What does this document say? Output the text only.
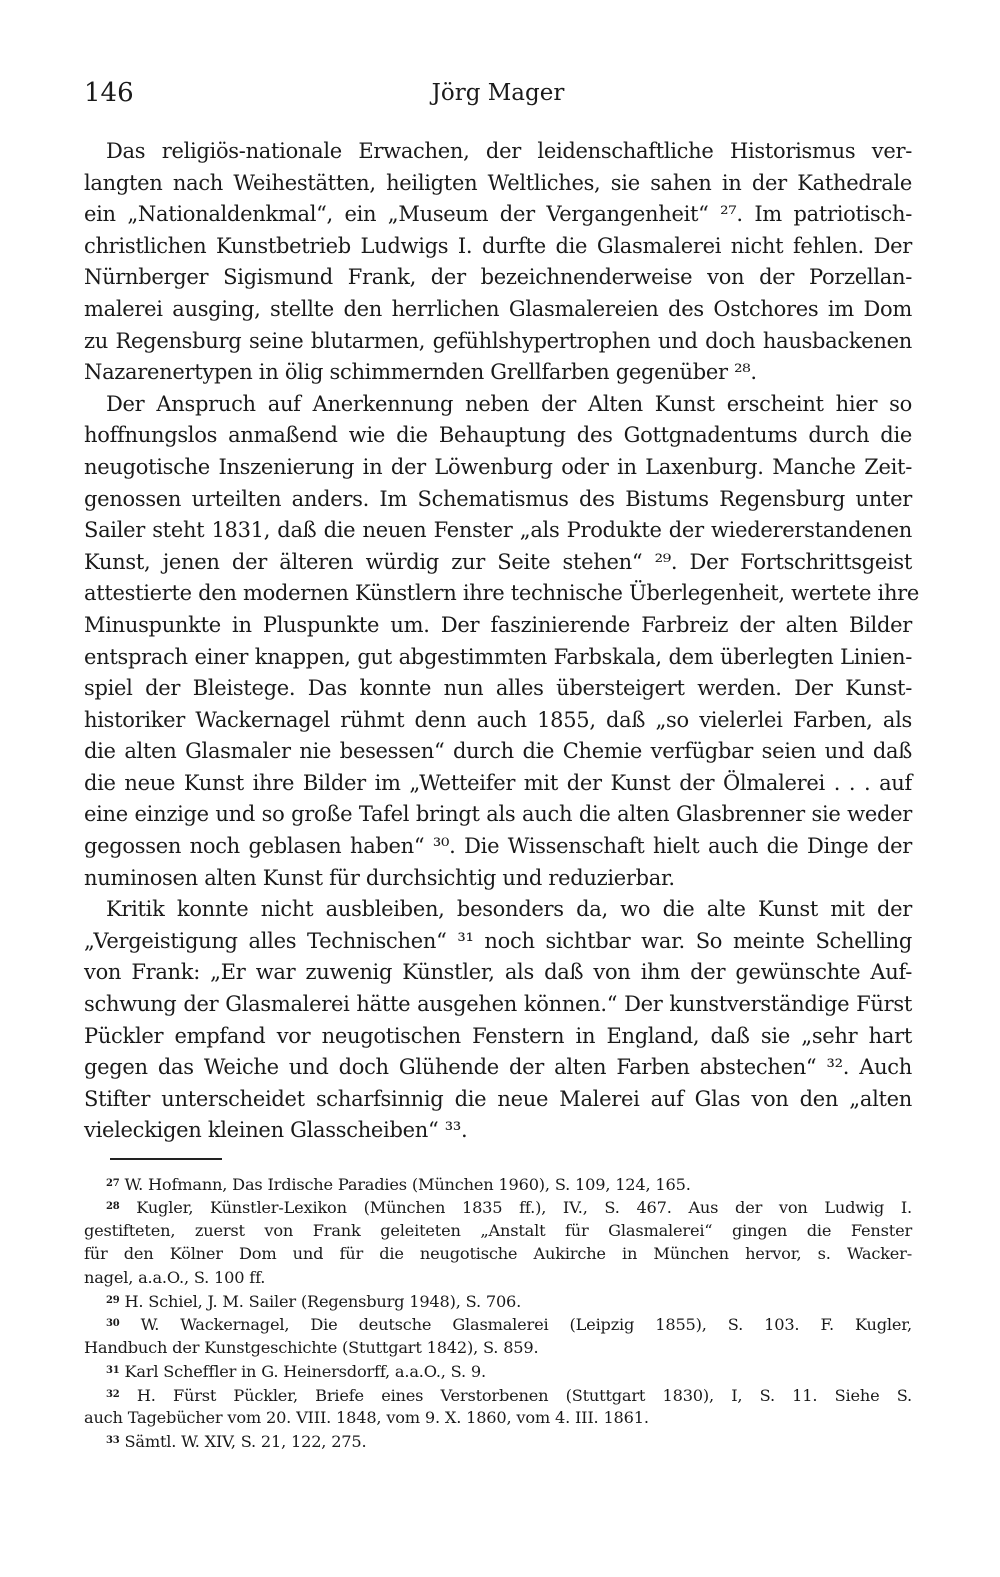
146	Jörg Mager
Das religiös-nationale Erwachen, der leidenschaftliche Historismus ver-
langten nach Weihestätten, heiligten Weltliches, sie sahen in der Kathedrale
ein „Nationaldenkmal“, ein „Museum der Vergangenheit“ ²⁷. Im patriotisch-
christlichen Kunstbetrieb Ludwigs I. durfte die Glasmalerei nicht fehlen. Der
Nürnberger Sigismund Frank, der bezeichnenderweise von der Porzellan-
malerei ausging, stellte den herrlichen Glasmalereien des Ostchores im Dom
zu Regensburg seine blutarmen, gefühlshypertrophen und doch hausbackenen
Nazarenertypen in ölig schimmernden Grellfarben gegenüber ²⁸.
Der Anspruch auf Anerkennung neben der Alten Kunst erscheint hier so
hoffnungslos anmaßend wie die Behauptung des Gottgnadentums durch die
neugotische Inszenierung in der Löwenburg oder in Laxenburg. Manche Zeit-
genossen urteilten anders. Im Schematismus des Bistums Regensburg unter
Sailer steht 1831, daß die neuen Fenster „als Produkte der wiedererstandenen
Kunst, jenen der älteren würdig zur Seite stehen“ ²⁹. Der Fortschrittsgeist
attestierte den modernen Künstlern ihre technische Überlegenheit, wertete ihre
Minuspunkte in Pluspunkte um. Der faszinierende Farbreiz der alten Bilder
entsprach einer knappen, gut abgestimmten Farbskala, dem überlegten Linien-
spiel der Bleistege. Das konnte nun alles übersteigert werden. Der Kunst-
historiker Wackernagel rühmt denn auch 1855, daß „so vielerlei Farben, als
die alten Glasmaler nie besessen“ durch die Chemie verfügbar seien und daß
die neue Kunst ihre Bilder im „Wetteifer mit der Kunst der Ölmalerei . . . auf
eine einzige und so große Tafel bringt als auch die alten Glasbrenner sie weder
gegossen noch geblasen haben“ ³⁰. Die Wissenschaft hielt auch die Dinge der
numinosen alten Kunst für durchsichtig und reduzierbar.
Kritik konnte nicht ausbleiben, besonders da, wo die alte Kunst mit der
„Vergeistigung alles Technischen“ ³¹ noch sichtbar war. So meinte Schelling
von Frank: „Er war zuwenig Künstler, als daß von ihm der gewünschte Auf-
schwung der Glasmalerei hätte ausgehen können.“ Der kunstverständige Fürst
Pückler empfand vor neugotischen Fenstern in England, daß sie „sehr hart
gegen das Weiche und doch Glühende der alten Farben abstechen“ ³². Auch
Stifter unterscheidet scharfsinnig die neue Malerei auf Glas von den „alten
vieleckigen kleinen Glasscheiben“ ³³.
$^{27}$ W. Hofmann, Das Irdische Paradies (München 1960), S. 109, 124, 165.
$^{28}$ Kugler, Künstler-Lexikon (München 1835 ff.), IV., S. 467. Aus der von Ludwig I.
gestifteten, zuerst von Frank geleiteten „Anstalt für Glasmalerei“ gingen die Fenster
für den Kölner Dom und für die neugotische Aukirche in München hervor, s. Wacker-
nagel, a.a.O., S. 100 ff.
$^{29}$ H. Schiel, J. M. Sailer (Regensburg 1948), S. 706.
$^{30}$ W. Wackernagel, Die deutsche Glasmalerei (Leipzig 1855), S. 103. F. Kugler,
Handbuch der Kunstgeschichte (Stuttgart 1842), S. 859.
$^{31}$ Karl Scheffler in G. Heinersdorff, a.a.O., S. 9.
$^{32}$ H. Fürst Pückler, Briefe eines Verstorbenen (Stuttgart 1830), I, S. 11. Siehe S.
auch Tagebücher vom 20. VIII. 1848, vom 9. X. 1860, vom 4. III. 1861.
$^{33}$ Sämtl. W. XIV, S. 21, 122, 275.
